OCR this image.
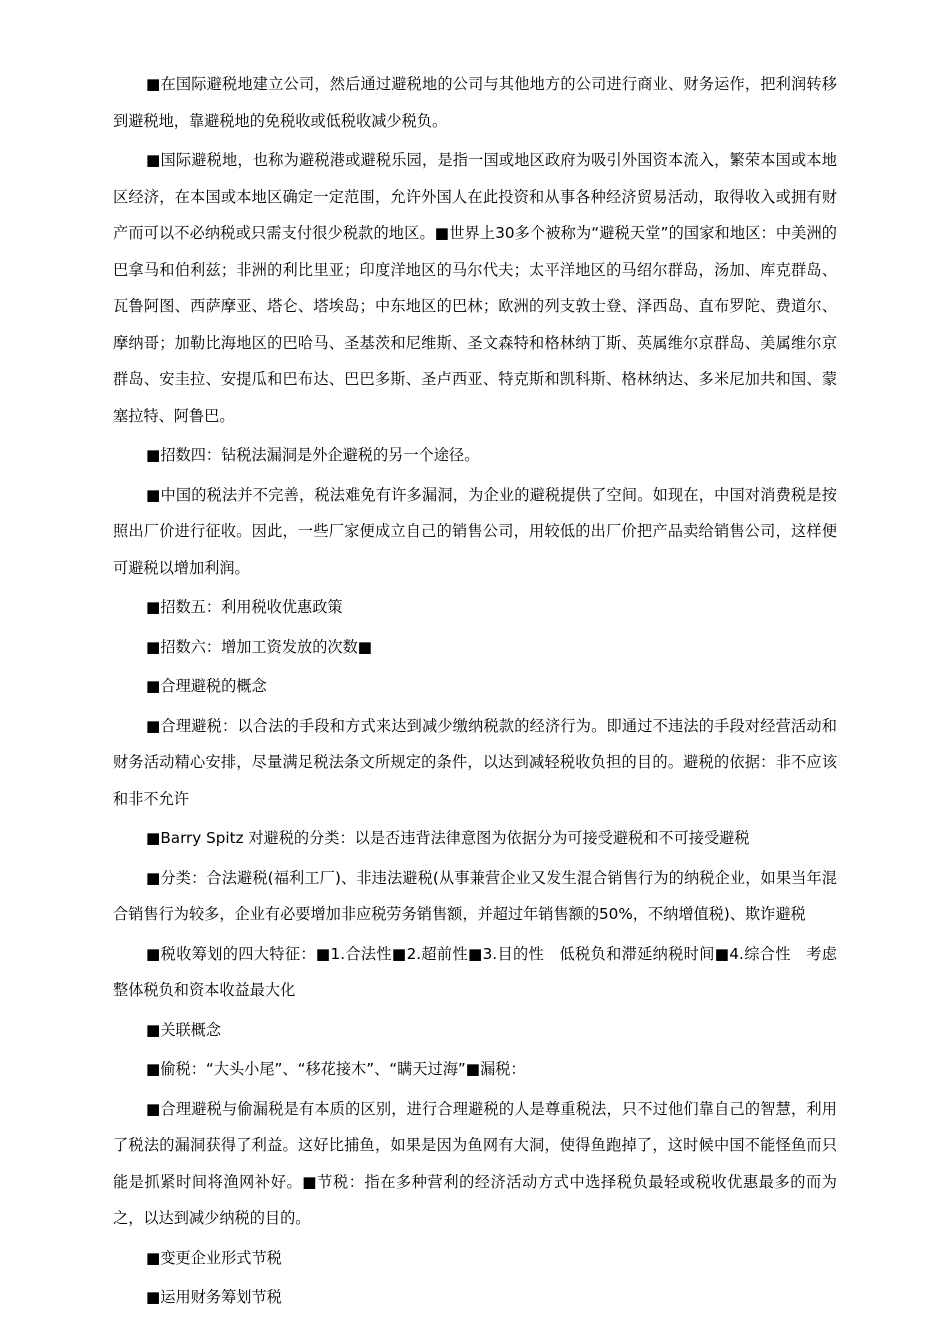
■在国际避税地建立公司，然后通过避税地的公司与其他地方的公司进行商业、财务运作，把利润转移到避税地，靠避税地的免税收或低税收减少税负。

■国际避税地，也称为避税港或避税乐园，是指一国或地区政府为吸引外国资本流入，繁荣本国或本地区经济，在本国或本地区确定一定范围，允许外国人在此投资和从事各种经济贸易活动，取得收入或拥有财产而可以不必纳税或只需支付很少税款的地区。■世界上30多个被称为“避税天堂”的国家和地区：中美洲的巴拿马和伯利兹；非洲的利比里亚；印度洋地区的马尔代夫；太平洋地区的马绍尔群岛，汤加、库克群岛、瓦鲁阿图、西萨摩亚、塔仑、塔埃岛；中东地区的巴林；欧洲的列支敦士登、泽西岛、直布罗陀、费道尔、摩纳哥；加勒比海地区的巴哈马、圣基茨和尼维斯、圣文森特和格林纳丁斯、英属维尔京群岛、美属维尔京群岛、安圭拉、安提瓜和巴布达、巴巴多斯、圣卢西亚、特克斯和凯科斯、格林纳达、多米尼加共和国、蒙塞拉特、阿鲁巴。

■招数四：钻税法漏洞是外企避税的另一个途径。

■中国的税法并不完善，税法难免有许多漏洞，为企业的避税提供了空间。如现在，中国对消费税是按照出厂价进行征收。因此，一些厂家便成立自己的销售公司，用较低的出厂价把产品卖给销售公司，这样便可避税以增加利润。

■招数五：利用税收优惠政策

■招数六：增加工资发放的次数■

■合理避税的概念

■合理避税：以合法的手段和方式来达到减少缴纳税款的经济行为。即通过不违法的手段对经营活动和财务活动精心安排，尽量满足税法条文所规定的条件，以达到减轻税收负担的目的。避税的依据：非不应该和非不允许

■Barry Spitz 对避税的分类：以是否违背法律意图为依据分为可接受避税和不可接受避税

■分类：合法避税(福利工厂)、非违法避税(从事兼营企业又发生混合销售行为的纳税企业，如果当年混合销售行为较多，企业有必要增加非应税劳务销售额，并超过年销售额的50%，不纳增值税)、欺诈避税

■税收筹划的四大特征：■1.合法性■2.超前性■3.目的性　低税负和滞延纳税时间■4.综合性　考虑整体税负和资本收益最大化

■关联概念

■偷税：“大头小尾”、“移花接木”、“瞒天过海”■漏税：

■合理避税与偷漏税是有本质的区别，进行合理避税的人是尊重税法，只不过他们靠自己的智慧，利用了税法的漏洞获得了利益。这好比捕鱼，如果是因为鱼网有大洞，使得鱼跑掉了，这时候中国不能怪鱼而只能是抓紧时间将渔网补好。■节税：指在多种营利的经济活动方式中选择税负最轻或税收优惠最多的而为之，以达到减少纳税的目的。

■变更企业形式节税

■运用财务筹划节税
